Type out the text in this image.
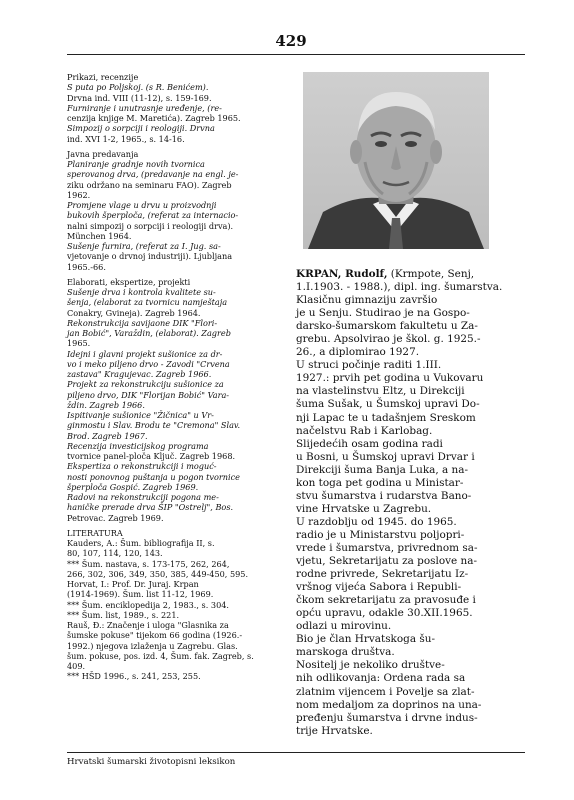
429
Prikazi, recenzije
S puta po Poljskoj. (s R. Benićem).
Drvna ind. VIII (11-12), s. 159-169.
Furniranje i unutrasnje uređenje, (re-
cenzija knjige M. Maretića). Zagreb 1965.
Simpozij o sorpciji i reologiji. Drvna
ind. XVI 1-2, 1965., s. 14-16.
Javna predavanja
Planiranje gradnje novih tvornica
sperovanog drva, (predavanje na engl. je-
ziku održano na seminaru FAO). Zagreb
1962.
Promjene vlage u drvu u proizvodnji
bukovih šperploča, (referat za internacio-
nalni simpozij o sorpciji i reologiji drva).
München 1964.
Sušenje furnira, (referat za I. Jug. sa-
vjetovanje o drvnoj industriji). Ljubljana
1965.-66.
Elaborati, ekspertize, projekti
Sušenje drva i kontrola kvalitete su-
šenja, (elaborat za tvornicu namještaja
Conakry, Gvineja). Zagreb 1964.
Rekonstrukcija savijaone DIK "Flori-
jan Bobić", Varaždin, (elaborat). Zagreb
1965.
Idejni i glavni projekt sušionice za dr-
vo i meko piljeno drvo - Zavodi "Crvena
zastava" Kragujevac. Zagreb 1966.
Projekt za rekonstrukciju sušionice za
piljeno drvo, DIK "Florijan Bobić" Vara-
ždin. Zagreb 1966.
Ispitivanje sušionice "Žičnica" u Vr-
ginmostu i Slav. Brodu te "Cremona" Slav.
Brod. Zagreb 1967.
Recenzija investicijskog programa
tvornice panel-ploča Ključ. Zagreb 1968.
Ekspertiza o rekonstrukciji i moguć-
nosti ponovnog puštanja u pogon tvornice
šperploča Gospić. Zagreb 1969.
Radovi na rekonstrukciji pogona me-
haničke prerade drva ŠIP "Ostrelj", Bos.
Petrovac. Zagreb 1969.
LITERATURA
Kauders, A.: Šum. bibliografija II, s.
80, 107, 114, 120, 143.
*** Šum. nastava, s. 173-175, 262, 264,
266, 302, 306, 349, 350, 385, 449-450, 595.
Horvat, I.: Prof. Dr. Juraj. Krpan
(1914-1969). Šum. list 11-12, 1969.
*** Šum. enciklopedija 2, 1983., s. 304.
*** Šum. list, 1989., s. 221.
Rauš, Đ.: Značenje i uloga "Glasnika za
šumske pokuse" tijekom 66 godina (1926.-
1992.) njegova izlaženja u Zagrebu. Glas.
šum. pokuse, pos. izd. 4, Šum. fak. Zagreb, s.
409.
*** HŠD 1996., s. 241, 253, 255.
KRPAN, Rudolf, (Krmpote, Senj,
1.I.1903. - 1988.), dipl. ing. šumarstva.
Klasičnu gimnaziju završio
je u Senju. Studirao je na Gospo-
darsko-šumarskom fakultetu u Za-
grebu. Apsolvirao je škol. g. 1925.-
26., a diplomirao 1927.
U struci počinje raditi 1.III.
1927.: prvih pet godina u Vukovaru
na vlastelinstvu Eltz, u Direkciji
šuma Sušak, u Šumskoj upravi Do-
nji Lapac te u tadašnjem Sreskom
načelstvu Rab i Karlobag.
Slijedećih osam godina radi
u Bosni, u Šumskoj upravi Drvar i
Direkciji šuma Banja Luka, a na-
kon toga pet godina u Ministar-
stvu šumarstva i rudarstva Bano-
vine Hrvatske u Zagrebu.
U razdoblju od 1945. do 1965.
radio je u Ministarstvu poljopri-
vrede i šumarstva, privrednom sa-
vjetu, Sekretarijatu za poslove na-
rodne privrede, Sekretarijatu Iz-
vršnog vijeća Sabora i Republi-
čkom sekretarijatu za pravosuđe i
opću upravu, odakle 30.XII.1965.
odlazi u mirovinu.
Bio je član Hrvatskoga šu-
marskoga društva.
Nositelj je nekoliko društve-
nih odlikovanja: Ordena rada sa
zlatnim vijencem i Povelje sa zlat-
nom medaljom za doprinos na una-
pređenju šumarstva i drvne indus-
trije Hrvatske.
Hrvatski šumarski životopisni leksikon
